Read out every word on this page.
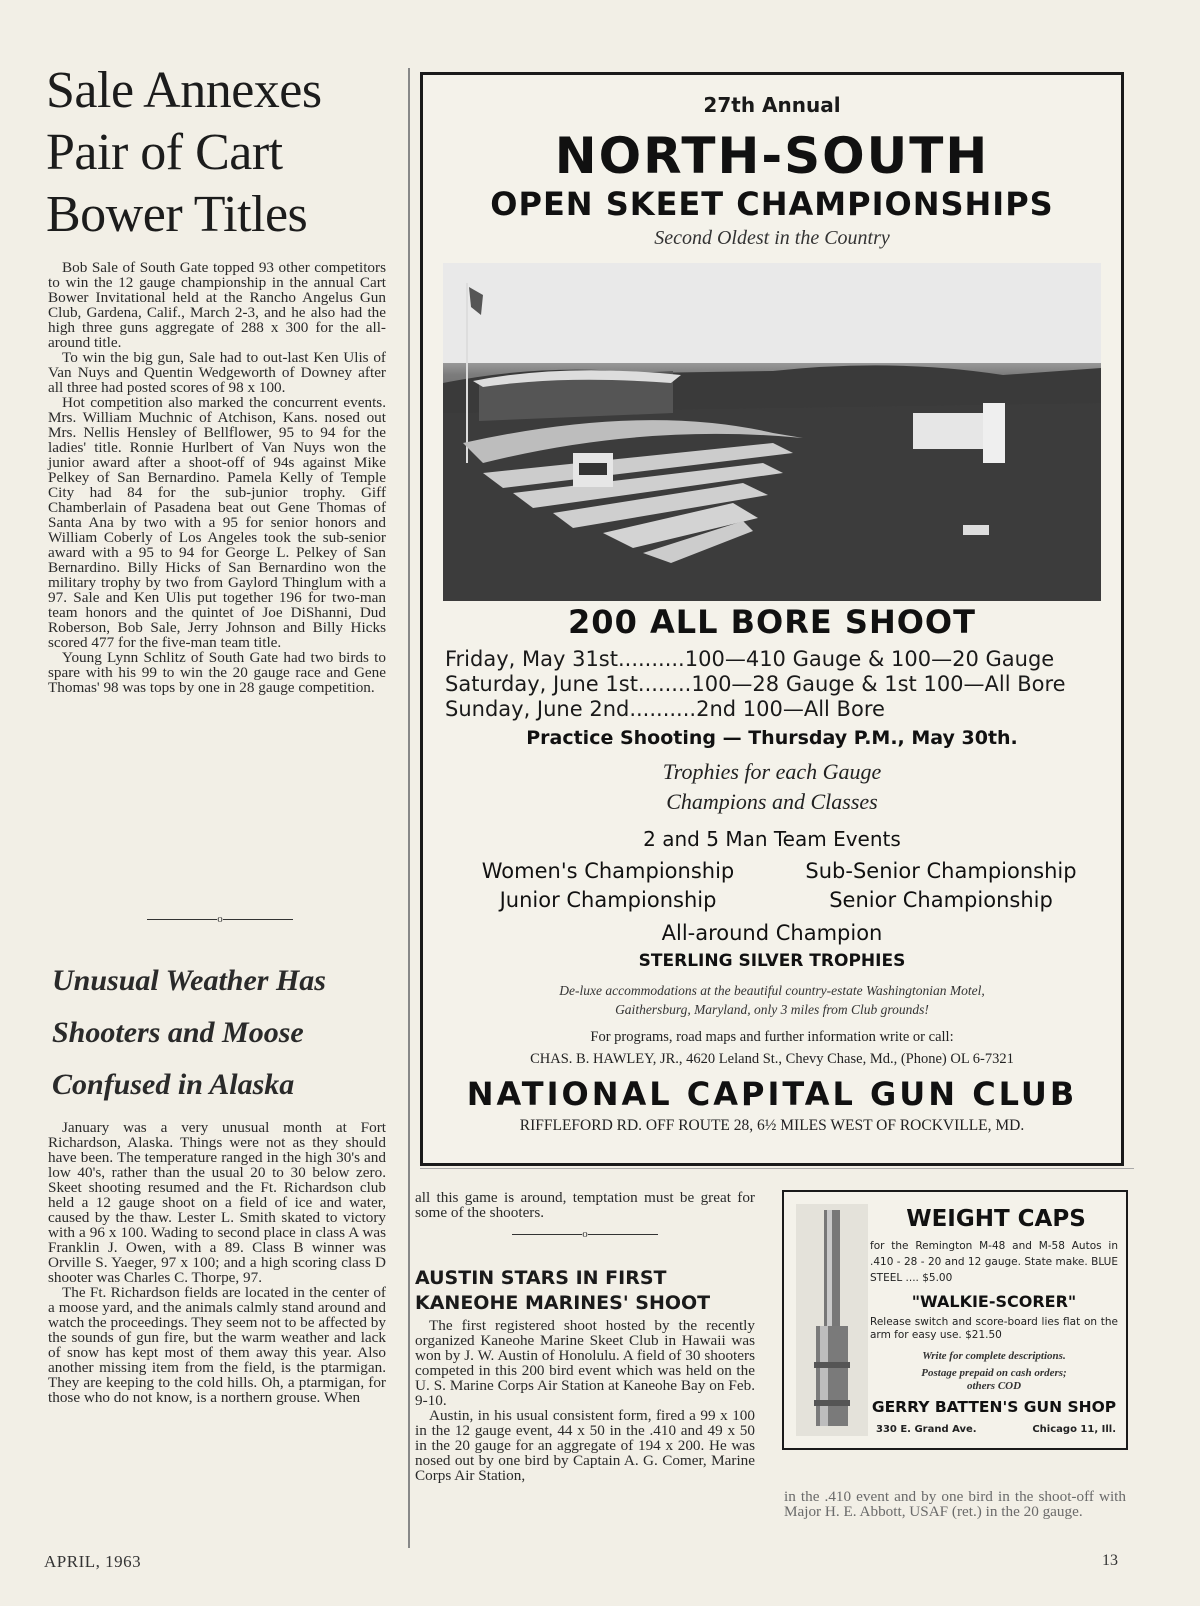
Sale Annexes
Pair of Cart
Bower Titles

Bob Sale of South Gate topped 93 other competitors to win the 12 gauge championship in the annual Cart Bower Invitational held at the Rancho Angelus Gun Club, Gardena, Calif., March 2-3, and he also had the high three guns aggregate of 288 x 300 for the all-around title.

To win the big gun, Sale had to out-last Ken Ulis of Van Nuys and Quentin Wedgeworth of Downey after all three had posted scores of 98 x 100.

Hot competition also marked the concurrent events. Mrs. William Muchnic of Atchison, Kans. nosed out Mrs. Nellis Hensley of Bellflower, 95 to 94 for the ladies' title. Ronnie Hurlbert of Van Nuys won the junior award after a shoot-off of 94s against Mike Pelkey of San Bernardino. Pamela Kelly of Temple City had 84 for the sub-junior trophy. Giff Chamberlain of Pasadena beat out Gene Thomas of Santa Ana by two with a 95 for senior honors and William Coberly of Los Angeles took the sub-senior award with a 95 to 94 for George L. Pelkey of San Bernardino. Billy Hicks of San Bernardino won the military trophy by two from Gaylord Thinglum with a 97. Sale and Ken Ulis put together 196 for two-man team honors and the quintet of Joe DiShanni, Dud Roberson, Bob Sale, Jerry Johnson and Billy Hicks scored 477 for the five-man team title.

Young Lynn Schlitz of South Gate had two birds to spare with his 99 to win the 20 gauge race and Gene Thomas' 98 was tops by one in 28 gauge competition.

o
Unusual Weather Has
Shooters and Moose
Confused in Alaska

January was a very unusual month at Fort Richardson, Alaska. Things were not as they should have been. The temperature ranged in the high 30's and low 40's, rather than the usual 20 to 30 below zero. Skeet shooting resumed and the Ft. Richardson club held a 12 gauge shoot on a field of ice and water, caused by the thaw. Lester L. Smith skated to victory with a 96 x 100. Wading to second place in class A was Franklin J. Owen, with a 89. Class B winner was Orville S. Yaeger, 97 x 100; and a high scoring class D shooter was Charles C. Thorpe, 97.

The Ft. Richardson fields are located in the center of a moose yard, and the animals calmly stand around and watch the proceedings. They seem not to be affected by the sounds of gun fire, but the warm weather and lack of snow has kept most of them away this year. Also another missing item from the field, is the ptarmigan. They are keeping to the cold hills. Oh, a ptarmigan, for those who do not know, is a northern grouse. When

27th Annual
NORTH-SOUTH
OPEN SKEET CHAMPIONSHIPS
Second Oldest in the Country
200 ALL BORE SHOOT
Friday, May 31st.......... 100—410 Gauge & 100—20 Gauge
Saturday, June 1st........ 100—28 Gauge & 1st 100—All Bore
Sunday, June 2nd.......... 2nd 100—All Bore
Practice Shooting — Thursday P.M., May 30th.
Trophies for each Gauge
Champions and Classes
2 and 5 Man Team Events
Women's Championship
Junior Championship
Sub-Senior Championship
Senior Championship
All-around Champion
STERLING SILVER TROPHIES
De-luxe accommodations at the beautiful country-estate Washingtonian Motel,
Gaithersburg, Maryland, only 3 miles from Club grounds!
For programs, road maps and further information write or call:
CHAS. B. HAWLEY, JR., 4620 Leland St., Chevy Chase, Md., (Phone) OL 6-7321
NATIONAL CAPITAL GUN CLUB
RIFFLEFORD RD. OFF ROUTE 28, 6½ MILES WEST OF ROCKVILLE, MD.

all this game is around, temptation must be great for some of the shooters.

o
AUSTIN STARS IN FIRST
KANEOHE MARINES' SHOOT

The first registered shoot hosted by the recently organized Kaneohe Marine Skeet Club in Hawaii was won by J. W. Austin of Honolulu. A field of 30 shooters competed in this 200 bird event which was held on the U. S. Marine Corps Air Station at Kaneohe Bay on Feb. 9-10.

Austin, in his usual consistent form, fired a 99 x 100 in the 12 gauge event, 44 x 50 in the .410 and 49 x 50 in the 20 gauge for an aggregate of 194 x 200. He was nosed out by one bird by Captain A. G. Comer, Marine Corps Air Station,

WEIGHT CAPS
for the Remington M-48 and M-58 Autos in .410 - 28 - 20 and 12 gauge. State make. BLUE STEEL .... $5.00
"WALKIE-SCORER"
Release switch and score-board lies flat on the arm for easy use. $21.50
Write for complete descriptions.
Postage prepaid on cash orders;
others COD
GERRY BATTEN'S GUN SHOP
330 E. Grand Ave.	Chicago 11, Ill.

in the .410 event and by one bird in the shoot-off with Major H. E. Abbott, USAF (ret.) in the 20 gauge.

APRIL, 1963	13
